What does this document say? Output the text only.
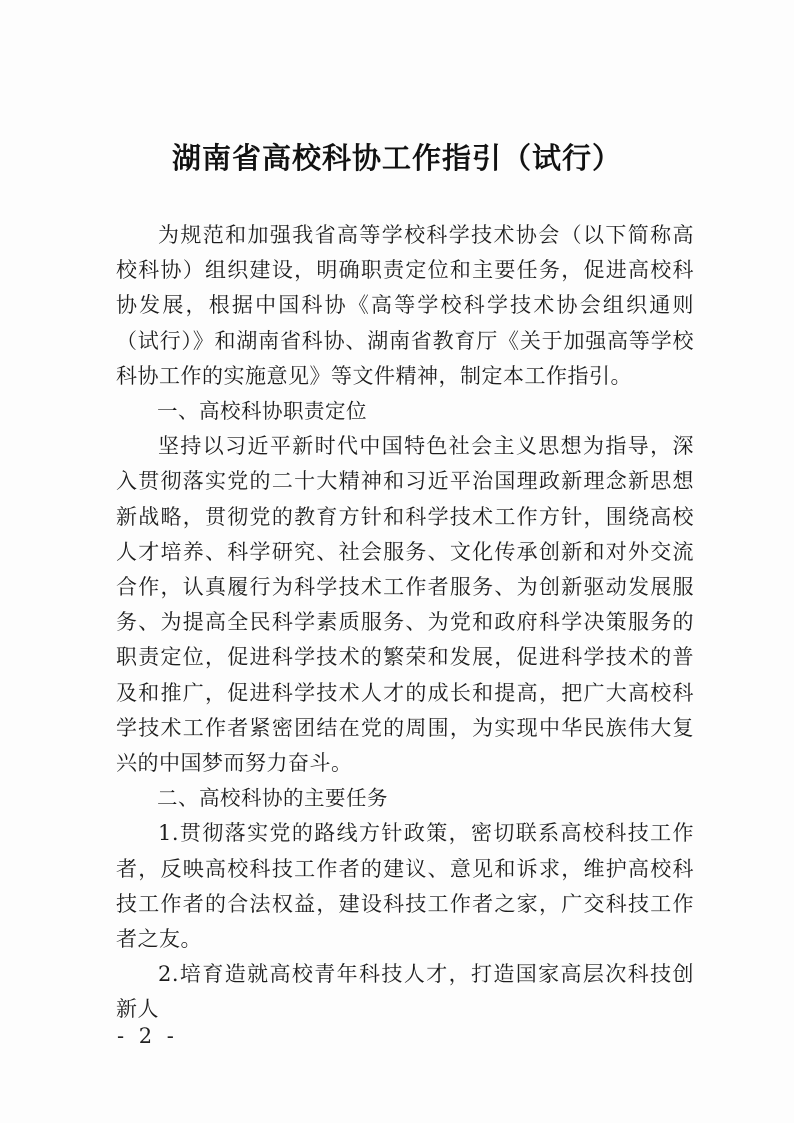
湖南省高校科协工作指引（试行）

为规范和加强我省高等学校科学技术协会（以下简称高校科协）组织建设，明确职责定位和主要任务，促进高校科协发展，根据中国科协《高等学校科学技术协会组织通则（试行）》和湖南省科协、湖南省教育厅《关于加强高等学校科协工作的实施意见》等文件精神，制定本工作指引。

一、高校科协职责定位

坚持以习近平新时代中国特色社会主义思想为指导，深入贯彻落实党的二十大精神和习近平治国理政新理念新思想新战略，贯彻党的教育方针和科学技术工作方针，围绕高校人才培养、科学研究、社会服务、文化传承创新和对外交流合作，认真履行为科学技术工作者服务、为创新驱动发展服务、为提高全民科学素质服务、为党和政府科学决策服务的职责定位，促进科学技术的繁荣和发展，促进科学技术的普及和推广，促进科学技术人才的成长和提高，把广大高校科学技术工作者紧密团结在党的周围，为实现中华民族伟大复兴的中国梦而努力奋斗。

二、高校科协的主要任务

1.贯彻落实党的路线方针政策，密切联系高校科技工作者，反映高校科技工作者的建议、意见和诉求，维护高校科技工作者的合法权益，建设科技工作者之家，广交科技工作者之友。

2.培育造就高校青年科技人才，打造国家高层次科技创新人

- 2 -
